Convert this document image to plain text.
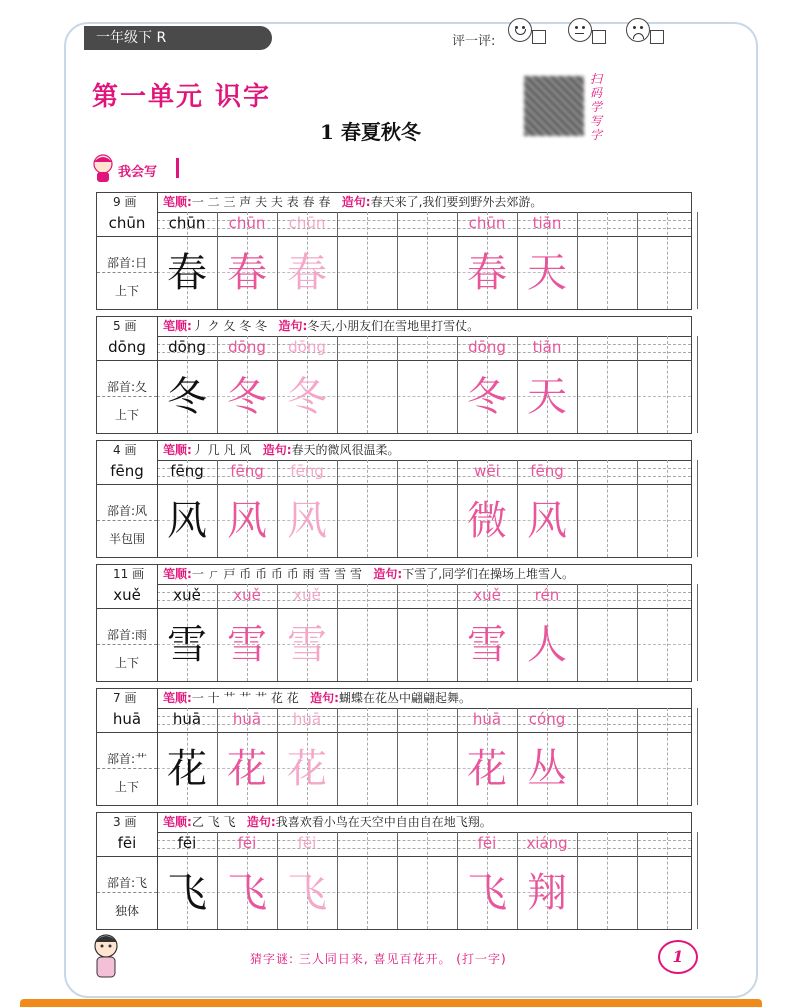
一年级下 R	评一评:
第一单元 识字
1 春夏秋冬
扫码学写字
我会写
9 画 笔顺:一 二 三 声 夫 夫 表 春 春 造句:春天来了,我们要到野外去郊游。
chūn
部首:日
上下
chūn
春
chūn
春
chūn
春
chūn
春
tiān
天
5 画 笔顺:丿 ク 夂 冬 冬 造句:冬天,小朋友们在雪地里打雪仗。
dōng
部首:夂
上下
dōng
冬
dōng
冬
dōng
冬
dōng
冬
tiān
天
4 画 笔顺:丿 几 凡 风 造句:春天的微风很温柔。
fēng
部首:风
半包围
fēng
风
fēng
风
fēng
风
wēi
微
fēng
风
11 画 笔顺:一 ㄏ 戸 币 币 币 币 雨 雪 雪 雪 造句:下雪了,同学们在操场上堆雪人。
xuě
部首:雨
上下
xuě
雪
xuě
雪
xuě
雪
xuě
雪
rén
人
7 画 笔顺:一 十 艹 艹 艹 花 花 造句:蝴蝶在花丛中翩翩起舞。
huā
部首:艹
上下
huā
花
huā
花
huā
花
huā
花
cóng
丛
3 画 笔顺:乙 飞 飞 造句:我喜欢看小鸟在天空中自由自在地飞翔。
fēi
部首:飞
独体
fēi
飞
fēi
飞
fēi
飞
fēi
飞
xiáng
翔
猜字谜: 三人同日来, 喜见百花开。 (打一字)	1
